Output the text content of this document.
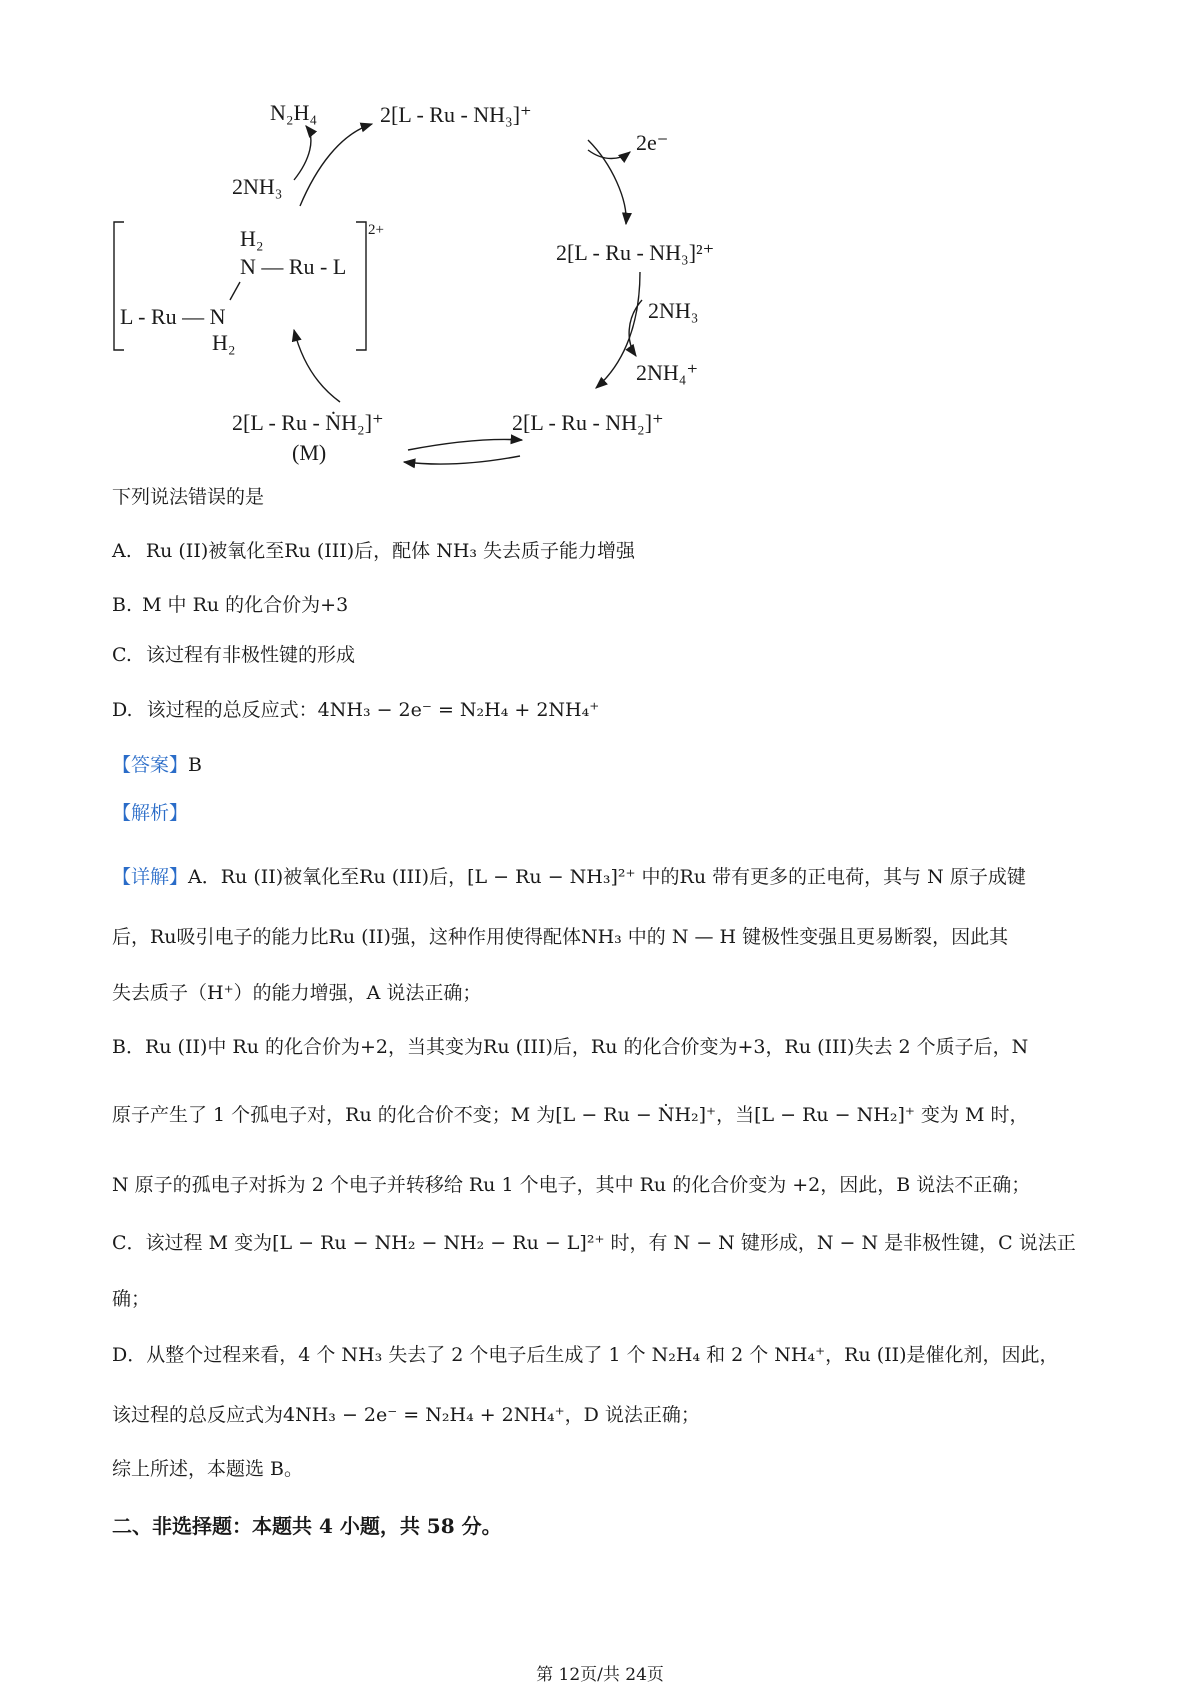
N₂H₄	2[L - Ru - NH₃]⁺
2e⁻
2NH₃
2[L - Ru - NH₃]²⁺
2NH₃
2NH₄⁺
2[L - Ru - NH₂]⁺
2[L - Ru - ṄH₂]⁺
(M)
H₂
N — Ru - L
L - Ru — N
H₂
2+
下列说法错误的是
A. Ru (II)被氧化至Ru (III)后，配体 NH₃ 失去质子能力增强
B. M 中 Ru 的化合价为+3
C. 该过程有非极性键的形成
D. 该过程的总反应式：4NH₃ − 2e⁻ = N₂H₄ + 2NH₄⁺
【答案】B
【解析】
【详解】A．Ru (II)被氧化至Ru (III)后，[L − Ru − NH₃]²⁺ 中的Ru 带有更多的正电荷，其与 N 原子成键
后，Ru吸引电子的能力比Ru (II)强，这种作用使得配体NH₃ 中的 N — H 键极性变强且更易断裂，因此其
失去质子（H⁺）的能力增强，A 说法正确；
B．Ru (II)中 Ru 的化合价为+2，当其变为Ru (III)后，Ru 的化合价变为+3，Ru (III)失去 2 个质子后，N
原子产生了 1 个孤电子对，Ru 的化合价不变；M 为[L − Ru − ṄH₂]⁺，当[L − Ru − NH₂]⁺ 变为 M 时，
N 原子的孤电子对拆为 2 个电子并转移给 Ru 1 个电子，其中 Ru 的化合价变为 +2，因此，B 说法不正确；
C．该过程 M 变为[L − Ru − NH₂ − NH₂ − Ru − L]²⁺ 时，有 N − N 键形成，N − N 是非极性键，C 说法正
确；
D．从整个过程来看，4 个 NH₃ 失去了 2 个电子后生成了 1 个 N₂H₄ 和 2 个 NH₄⁺，Ru (II)是催化剂，因此，
该过程的总反应式为4NH₃ − 2e⁻ = N₂H₄ + 2NH₄⁺，D 说法正确；
综上所述，本题选 B。
二、非选择题：本题共 4 小题，共 58 分。
第 12页/共 24页
